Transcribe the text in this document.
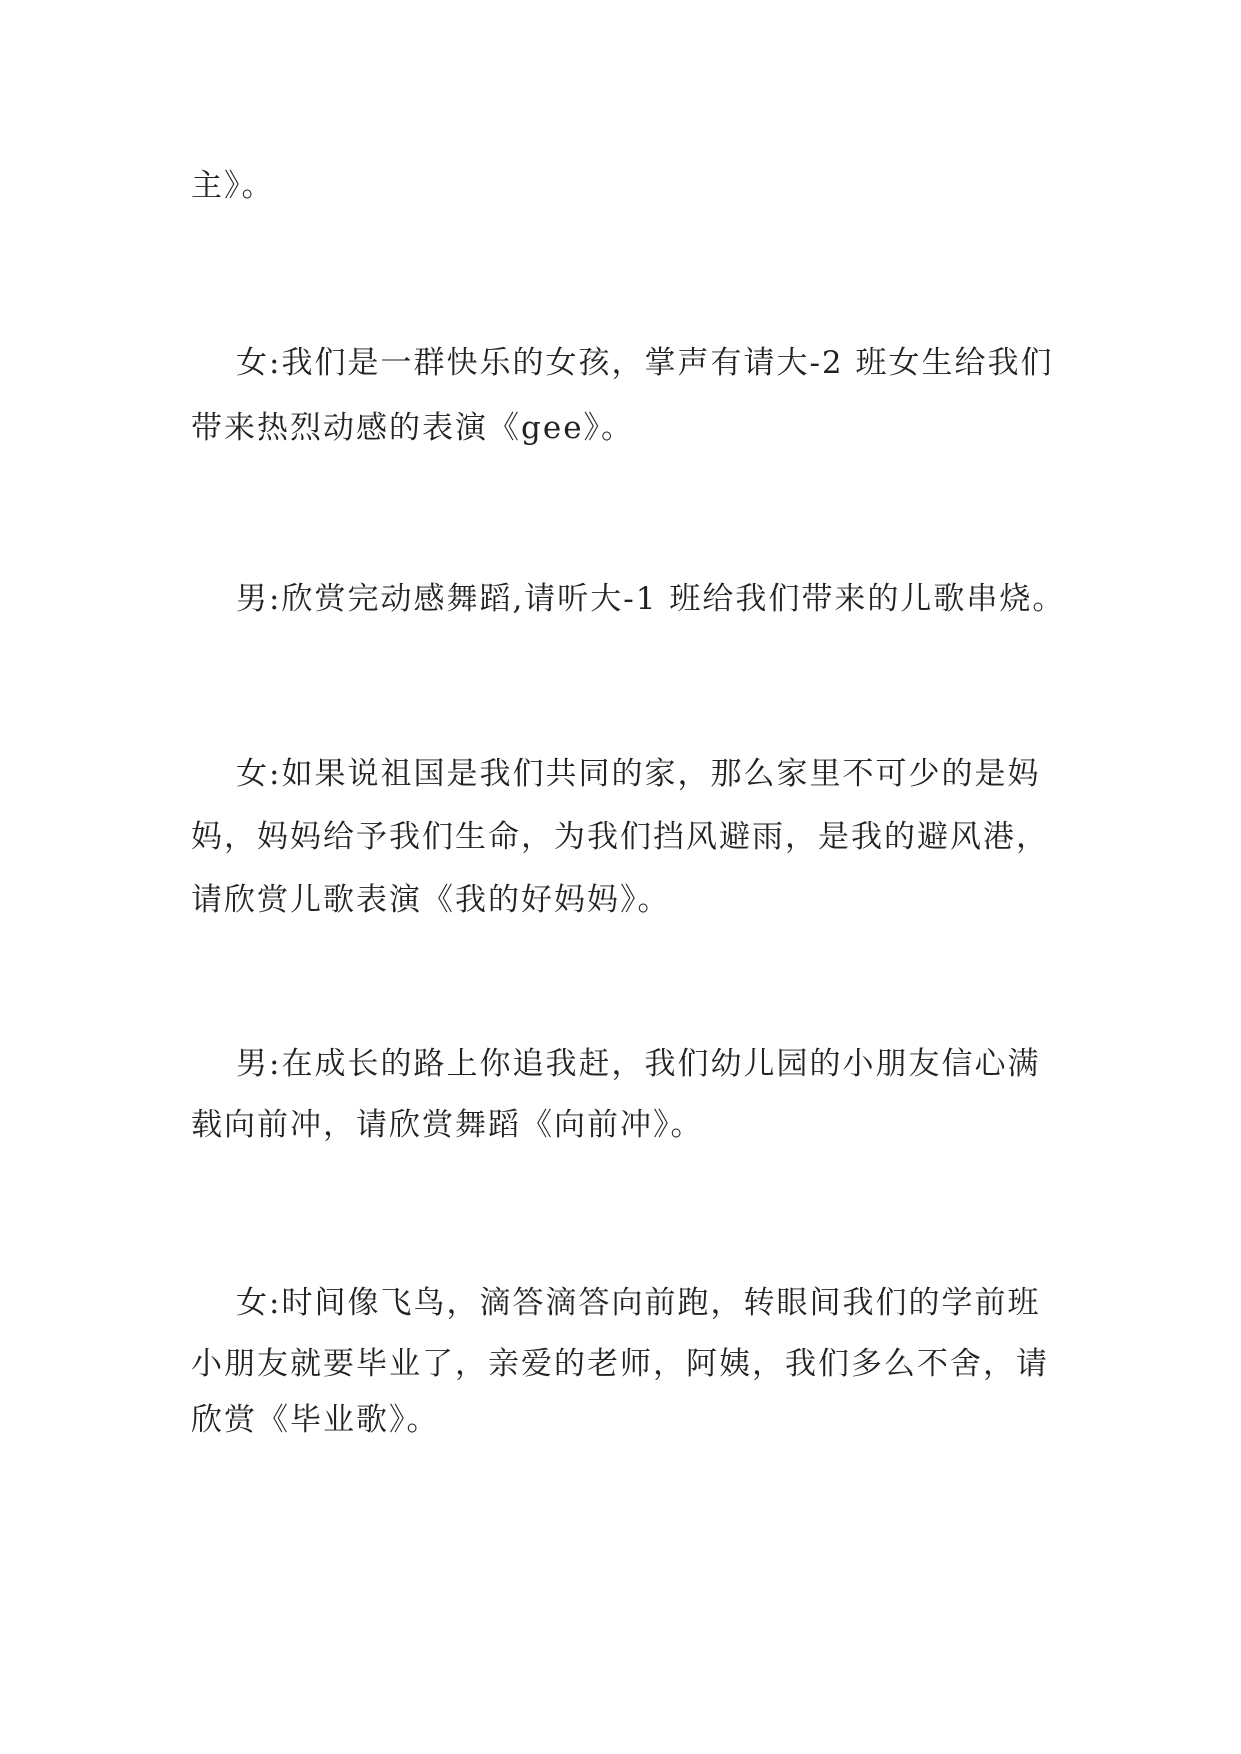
主》。
女:我们是一群快乐的女孩，掌声有请大-2 班女生给我们
带来热烈动感的表演《gee》。
男:欣赏完动感舞蹈,请听大-1 班给我们带来的儿歌串烧。
女:如果说祖国是我们共同的家，那么家里不可少的是妈
妈，妈妈给予我们生命，为我们挡风避雨，是我的避风港，
请欣赏儿歌表演《我的好妈妈》。
男:在成长的路上你追我赶，我们幼儿园的小朋友信心满
载向前冲，请欣赏舞蹈《向前冲》。
女:时间像飞鸟，滴答滴答向前跑，转眼间我们的学前班
小朋友就要毕业了，亲爱的老师，阿姨，我们多么不舍，请
欣赏《毕业歌》。
